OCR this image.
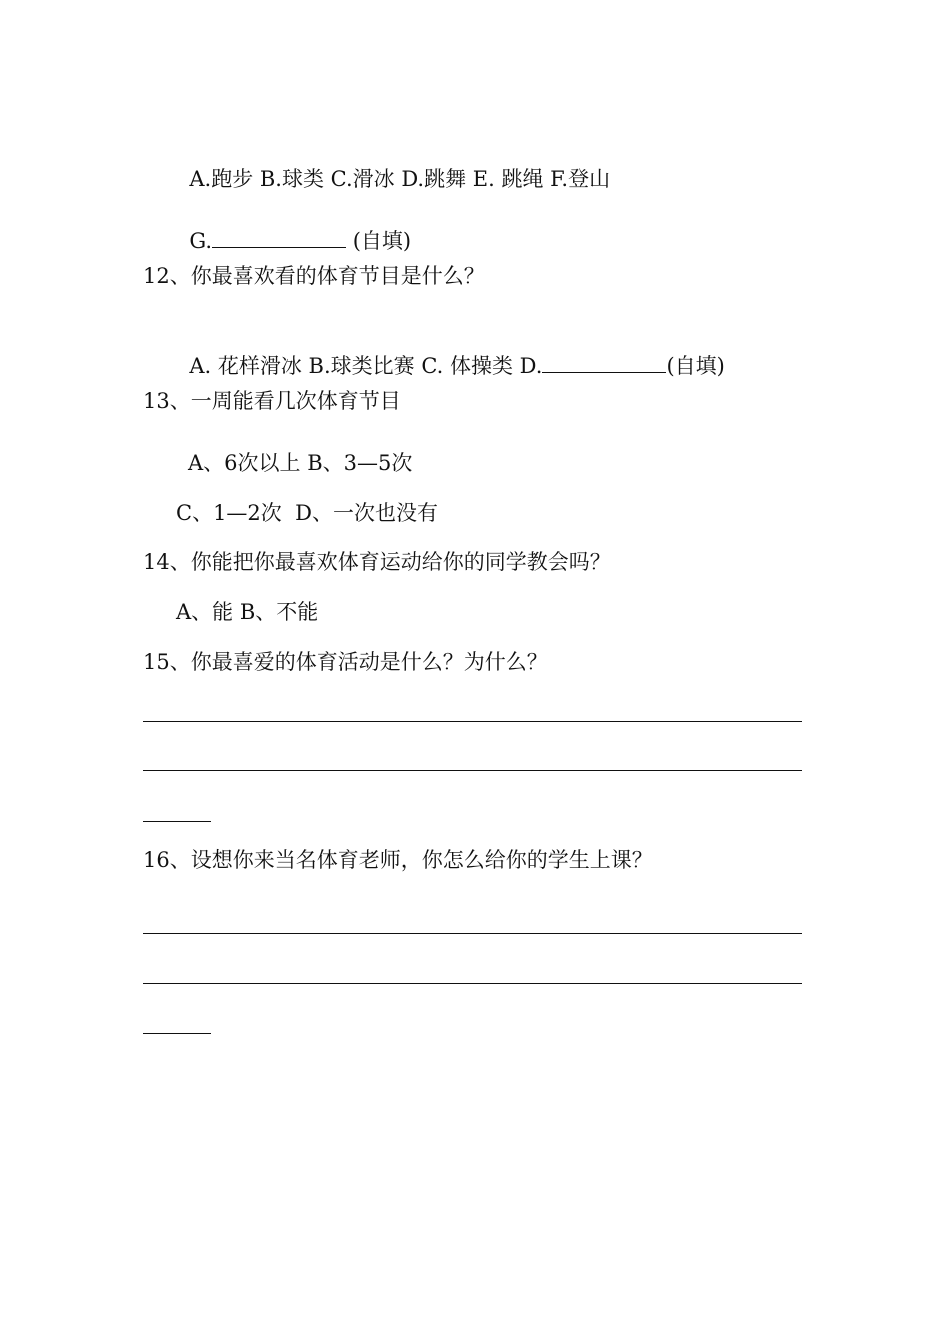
A.跑步 B.球类 C.滑冰 D.跳舞 E. 跳绳 F.登山

G.	(自填)

12、你最喜欢看的体育节目是什么？

A. 花样滑冰 B.球类比赛 C. 体操类 D.	(自填)

13、一周能看几次体育节目
A、6次以上 B、3—5次
C、1—2次  D、一次也没有
14、你能把你最喜欢体育运动给你的同学教会吗？
A、能 B、不能
15、你最喜爱的体育活动是什么？为什么？
16、设想你来当名体育老师，你怎么给你的学生上课？
